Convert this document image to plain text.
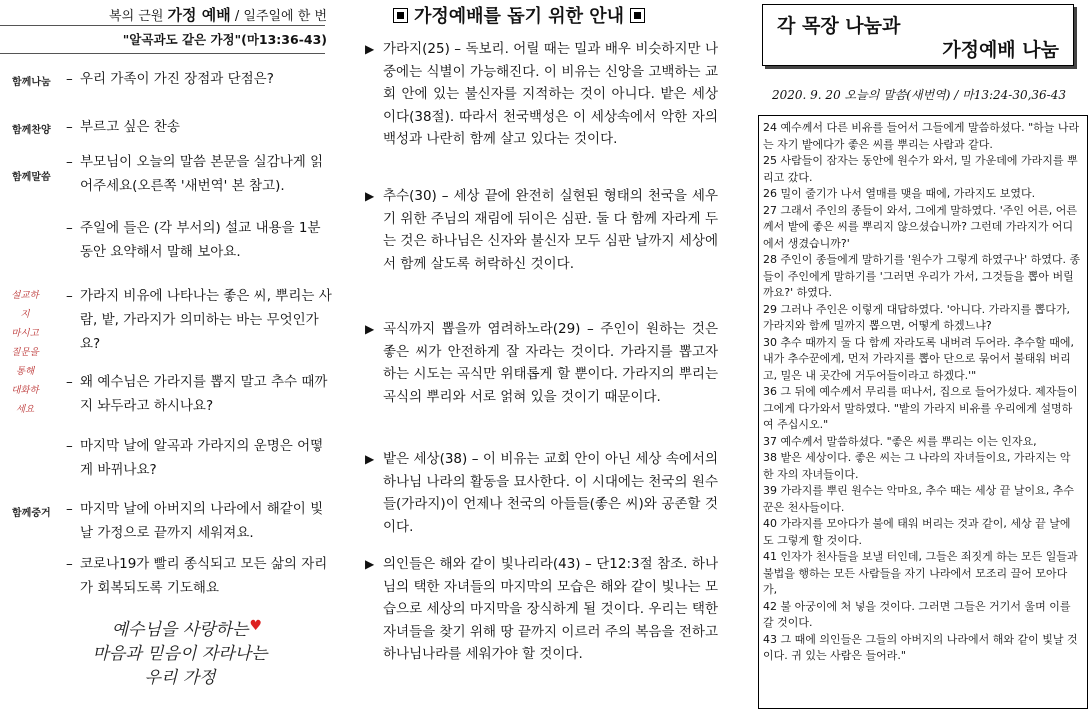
복의 근원 가정 예배 / 일주일에 한 번
"알곡과도 같은 가정"(마13:36-43)
함께나눔 – 우리 가족이 가진 장점과 단점은?
함께찬양 – 부르고 싶은 찬송
함께말씀
– 부모님이 오늘의 말씀 본문을 실감나게 읽어주세요(오른쪽 '새번역' 본 참고).
– 주일에 들은 (각 부서의) 설교 내용을 1분 동안 요약해서 말해 보아요.
설교하지
마시고
질문을
통해
대화하세요
– 가라지 비유에 나타나는 좋은 씨, 뿌리는 사람, 밭, 가라지가 의미하는 바는 무엇인가요?
– 왜 예수님은 가라지를 뽑지 말고 추수 때까지 놔두라고 하시나요?
– 마지막 날에 알곡과 가라지의 운명은 어떻게 바뀌나요?
함께중거 – 마지막 날에 아버지의 나라에서 해같이 빛날 가정으로 끝까지 세워져요.
– 코로나19가 빨리 종식되고 모든 삶의 자리가 회복되도록 기도해요
♥
예수님을 사랑하는
마음과 믿음이 자라나는
우리 가정
가정예배를 돕기 위한 안내
▶ 가라지(25) – 독보리. 어릴 때는 밀과 배우 비슷하지만 나중에는 식별이 가능해진다. 이 비유는 신앙을 고백하는 교회 안에 있는 불신자를 지적하는 것이 아니다. 밭은 세상이다(38절). 따라서 천국백성은 이 세상속에서 악한 자의 백성과 나란히 함께 살고 있다는 것이다.
▶ 추수(30) – 세상 끝에 완전히 실현된 형태의 천국을 세우기 위한 주님의 재림에 뒤이은 심판. 둘 다 함께 자라게 두는 것은 하나님은 신자와 불신자 모두 심판 날까지 세상에서 함께 살도록 허락하신 것이다.
▶ 곡식까지 뽑을까 염려하노라(29) – 주인이 원하는 것은 좋은 씨가 안전하게 잘 자라는 것이다. 가라지를 뽑고자 하는 시도는 곡식만 위태롭게 할 뿐이다. 가라지의 뿌리는 곡식의 뿌리와 서로 얽혀 있을 것이기 때문이다.
▶ 밭은 세상(38) – 이 비유는 교회 안이 아닌 세상 속에서의 하나님 나라의 활동을 묘사한다. 이 시대에는 천국의 원수들(가라지)이 언제나 천국의 아들들(좋은 씨)와 공존할 것이다.
▶ 의인들은 해와 같이 빛나리라(43) – 단12:3절 참조. 하나님의 택한 자녀들의 마지막의 모습은 해와 같이 빛나는 모습으로 세상의 마지막을 장식하게 될 것이다. 우리는 택한 자녀들을 찾기 위해 땅 끝까지 이르러 주의 복음을 전하고 하나님나라를 세워가야 할 것이다.
각 목장 나눔과
가정예배 나눔
2020. 9. 20 오늘의 말씀(새번역) / 마13:24-30,36-43
24 예수께서 다른 비유를 들어서 그들에게 말씀하셨다. "하늘 나라는 자기 밭에다가 좋은 씨를 뿌리는 사람과 같다.
25 사람들이 잠자는 동안에 원수가 와서, 밀 가운데에 가라지를 뿌리고 갔다.
26 밀이 줄기가 나서 열매를 맺을 때에, 가라지도 보였다.
27 그래서 주인의 종들이 와서, 그에게 말하였다. '주인 어른, 어른께서 밭에 좋은 씨를 뿌리지 않으셨습니까? 그런데 가라지가 어디에서 생겼습니까?'
28 주인이 종들에게 말하기를 '원수가 그렇게 하였구나' 하였다. 종들이 주인에게 말하기를 '그러면 우리가 가서, 그것들을 뽑아 버릴까요?' 하였다.
29 그러나 주인은 이렇게 대답하였다. '아니다. 가라지를 뽑다가, 가라지와 함께 밀까지 뽑으면, 어떻게 하겠느냐?
30 추수 때까지 둘 다 함께 자라도록 내버려 두어라. 추수할 때에, 내가 추수꾼에게, 먼저 가라지를 뽑아 단으로 묶어서 불태워 버리고, 밀은 내 곳간에 거두어들이라고 하겠다.'"
36 그 뒤에 예수께서 무리를 떠나서, 집으로 들어가셨다. 제자들이 그에게 다가와서 말하였다. "밭의 가라지 비유를 우리에게 설명하여 주십시오."
37 예수께서 말씀하셨다. "좋은 씨를 뿌리는 이는 인자요,
38 밭은 세상이다. 좋은 씨는 그 나라의 자녀들이요, 가라지는 악한 자의 자녀들이다.
39 가라지를 뿌린 원수는 악마요, 추수 때는 세상 끝 날이요, 추수꾼은 천사들이다.
40 가라지를 모아다가 불에 태워 버리는 것과 같이, 세상 끝 날에도 그렇게 할 것이다.
41 인자가 천사들을 보낼 터인데, 그들은 죄짓게 하는 모든 일들과 불법을 행하는 모든 사람들을 자기 나라에서 모조리 끌어 모아다가,
42 불 아궁이에 처 넣을 것이다. 그러면 그들은 거기서 울며 이를 갈 것이다.
43 그 때에 의인들은 그들의 아버지의 나라에서 해와 같이 빛날 것이다. 귀 있는 사람은 들어라."
